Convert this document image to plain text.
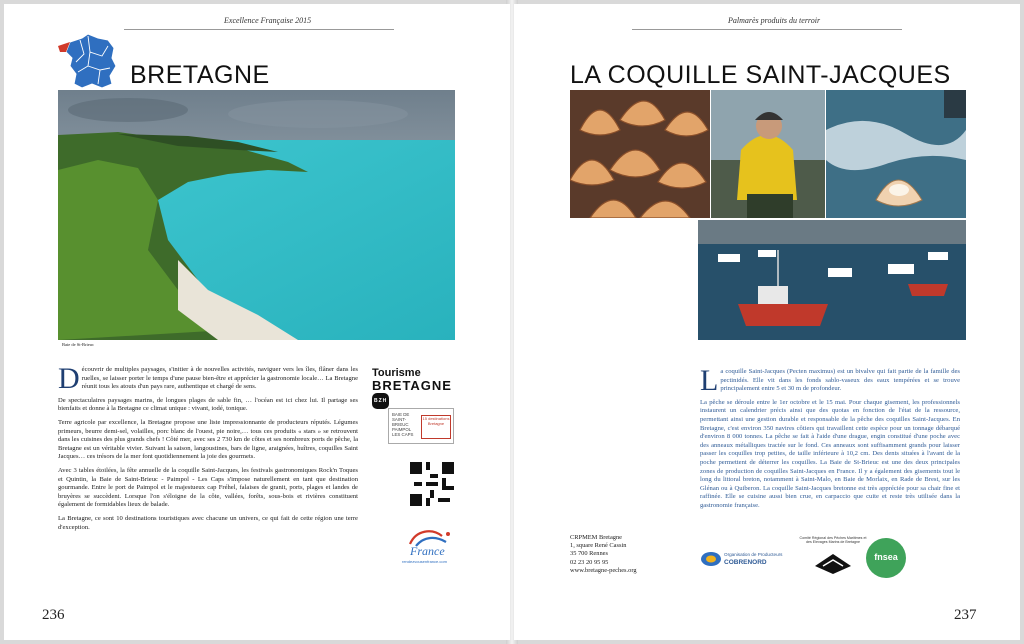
Excellence Française 2015
BRETAGNE
Baie de St-Brieuc

Découvrir de multiples paysages, s'initier à de nouvelles activités, naviguer vers les îles, flâner dans les ruelles, se laisser porter le temps d'une pause bien-être et apprécier la gastronomie locale… La Bretagne réunit tous les atouts d'un pays rare, authentique et chargé de sens.

De spectaculaires paysages marins, de longues plages de sable fin, … l'océan est ici chez lui. Il partage ses bienfaits et donne à la Bretagne ce climat unique : vivant, iodé, tonique.

Terre agricole par excellence, la Bretagne propose une liste impressionnante de producteurs réputés. Légumes primeurs, beurre demi-sel, volailles, porc blanc de l'ouest, pie noire,… tous ces produits « stars » se retrouvent dans les cuisines des plus grands chefs ! Côté mer, avec ses 2 730 km de côtes et ses nombreux ports de pêche, la Bretagne est un véritable vivier. Suivant la saison, langoustines, bars de ligne, araignées, huîtres, coquilles Saint Jacques… ces trésors de la mer font quotidiennement la joie des gourmets.

Avec 3 tables étoilées, la fête annuelle de la coquille Saint-Jacques, les festivals gastronomiques Rock'n Toques et Quintin, la Baie de Saint-Brieuc - Paimpol - Les Caps s'impose naturellement en tant que destination gourmande. Entre le port de Paimpol et le majestueux cap Fréhel, falaises de granit, ports, plages et landes de bruyères se succèdent. Lorsque l'on s'éloigne de la côte, vallées, forêts, sous-bois et rivières constituent également de formidables lieux de balade.

La Bretagne, ce sont 10 destinations touristiques avec chacune un univers, ce qui fait de cette région une terre d'exception.

Tourisme
BRETAGNE BZH
BAIE DE SAINT-BRIEUC PAIMPOL LES CAPS
15 destinations Bretagne
France
rendezvousenfrance.com
236
Palmarès produits du terroir
LA COQUILLE SAINT-JACQUES

La coquille Saint-Jacques (Pecten maximus) est un bivalve qui fait partie de la famille des pectinidés. Elle vit dans les fonds sablo-vaseux des eaux tempérées et se trouve principalement entre 5 et 30 m de profondeur.

La pêche se déroule entre le 1er octobre et le 15 mai. Pour chaque gisement, les professionnels instaurent un calendrier précis ainsi que des quotas en fonction de l'état de la ressource, permettant ainsi une gestion durable et responsable de la pêche des coquilles Saint-Jacques. En Bretagne, c'est environ 350 navires côtiers qui travaillent cette espèce pour un tonnage débarqué d'environ 8 000 tonnes. La pêche se fait à l'aide d'une drague, engin constitué d'une poche avec des anneaux métalliques tractée sur le fond. Ces anneaux sont suffisamment grands pour laisser passer les coquilles trop petites, de taille inférieure à 10,2 cm. Des dents situées à l'avant de la poche permettent de déterrer les coquilles. La Baie de St-Brieuc est une des deux principales zones de production de coquilles Saint-Jacques en France. Il y a également des gisements tout le long du littoral breton, notamment à Saint-Malo, en Baie de Morlaix, en Rade de Brest, sur les Glénan ou à Quiberon. La coquille Saint-Jacques bretonne est très appréciée pour sa chair fine et raffinée. Elle se cuisine aussi bien crue, en carpaccio que cuite et reste très utilisée dans la gastronomie française.

CRPMEM Bretagne
1, square René Cassin
35 700 Rennes
02 23 20 95 95
www.bretagne-peches.org
Organisation de Producteurs
COBRENORD
Comité Régional des Pêches Maritimes et des Elevages Marins de Bretagne
fnsea
237
